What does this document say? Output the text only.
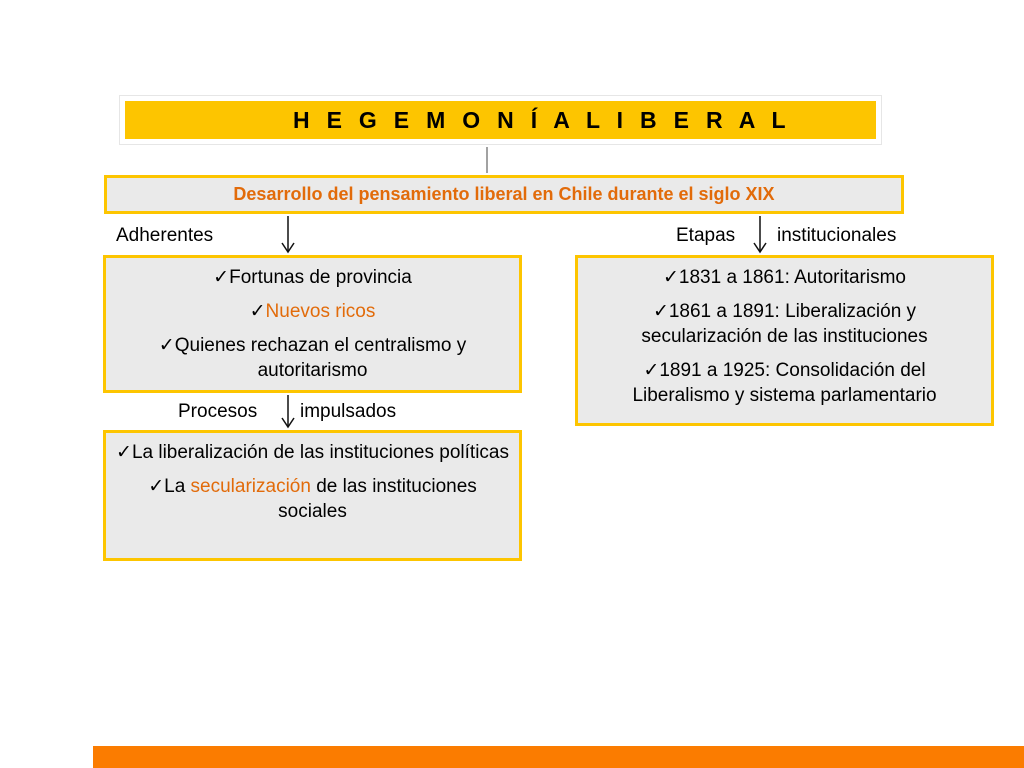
H E G E M O N Í A L I B E R A L
Desarrollo del pensamiento liberal en Chile durante el siglo XIX
Adherentes	Etapas institucionales
Procesos impulsados

✓Fortunas de provincia

✓Nuevos ricos

✓Quienes rechazan el centralismo y autoritarismo

✓1831 a 1861: Autoritarismo

✓1861 a 1891: Liberalización y secularización de las instituciones

✓1891 a 1925: Consolidación del Liberalismo y sistema parlamentario

✓La liberalización de las instituciones políticas

✓La secularización de las instituciones sociales
